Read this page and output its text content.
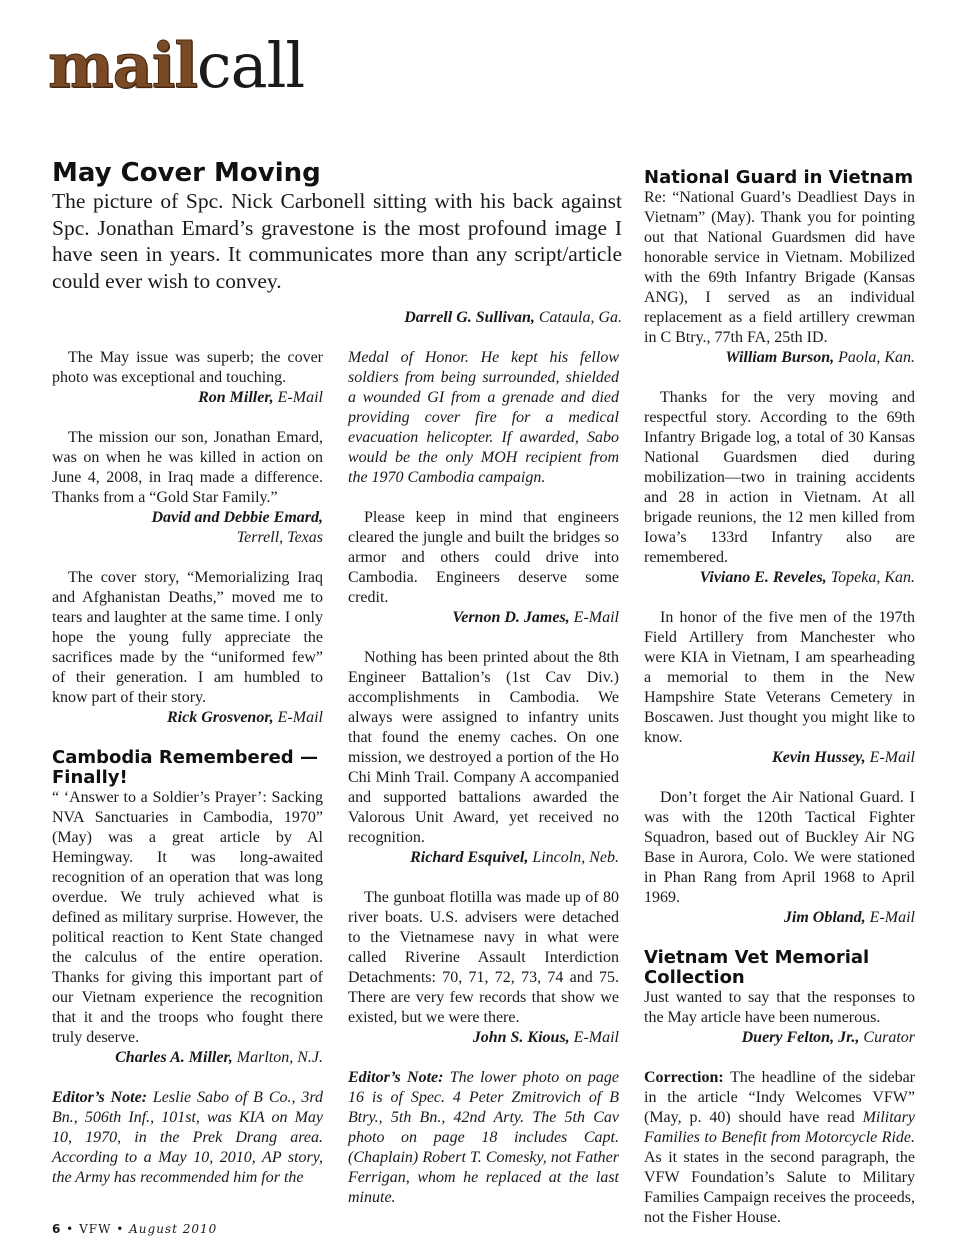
mailcall
May Cover Moving
The picture of Spc. Nick Carbonell sitting with his back against Spc. Jonathan Emard’s gravestone is the most profound image I have seen in years. It communicates more than any script/article could ever wish to convey.
Darrell G. Sullivan, Cataula, Ga.

The May issue was superb; the cover photo was exceptional and touching.

Ron Miller, E-Mail

The mission our son, Jonathan Emard, was on when he was killed in action on June 4, 2008, in Iraq made a difference. Thanks from a “Gold Star Family.”

David and Debbie Emard,
Terrell, Texas

The cover story, “Memorializing Iraq and Afghanistan Deaths,” moved me to tears and laughter at the same time. I only hope the young fully appreciate the sacrifices made by the “uniformed few” of their generation. I am humbled to know part of their story.

Rick Grosvenor, E-Mail
Cambodia Remembered —Finally!

“ ‘Answer to a Soldier’s Prayer’: Sacking NVA Sanctuaries in Cambodia, 1970” (May) was a great article by Al Hemingway. It was long-awaited recognition of an operation that was long overdue. We truly achieved what is defined as military surprise. However, the political reaction to Kent State changed the calculus of the entire operation. Thanks for giving this important part of our Vietnam experience the recognition that it and the troops who fought there truly deserve.

Charles A. Miller, Marlton, N.J.

Editor’s Note: Leslie Sabo of B Co., 3rd Bn., 506th Inf., 101st, was KIA on May 10, 1970, in the Prek Drang area. According to a May 10, 2010, AP story, the Army has recommended him for the

Medal of Honor. He kept his fellow soldiers from being surrounded, shielded a wounded GI from a grenade and died providing cover fire for a medical evacuation helicopter. If awarded, Sabo would be the only MOH recipient from the 1970 Cambodia campaign.

Please keep in mind that engineers cleared the jungle and built the bridges so armor and others could drive into Cambodia. Engineers deserve some credit.

Vernon D. James, E-Mail

Nothing has been printed about the 8th Engineer Battalion’s (1st Cav Div.) accomplishments in Cambodia. We always were assigned to infantry units that found the enemy caches. On one mission, we destroyed a portion of the Ho Chi Minh Trail. Company A accompanied and supported battalions awarded the Valorous Unit Award, yet received no recognition.

Richard Esquivel, Lincoln, Neb.

The gunboat flotilla was made up of 80 river boats. U.S. advisers were detached to the Vietnamese navy in what were called Riverine Assault Interdiction Detachments: 70, 71, 72, 73, 74 and 75. There are very few records that show we existed, but we were there.

John S. Kious, E-Mail

Editor’s Note: The lower photo on page 16 is of Spec. 4 Peter Zmitrovich of B Btry., 5th Bn., 42nd Arty. The 5th Cav photo on page 18 includes Capt. (Chaplain) Robert T. Comesky, not Father Ferrigan, whom he replaced at the last minute.

National Guard in Vietnam

Re: “National Guard’s Deadliest Days in Vietnam” (May). Thank you for pointing out that National Guardsmen did have honorable service in Vietnam. Mobilized with the 69th Infantry Brigade (Kansas ANG), I served as an individual replacement as a field artillery crewman in C Btry., 77th FA, 25th ID.

William Burson, Paola, Kan.

Thanks for the very moving and respectful story. According to the 69th Infantry Brigade log, a total of 30 Kansas National Guardsmen died during mobilization—two in training accidents and 28 in action in Vietnam. At all brigade reunions, the 12 men killed from Iowa’s 133rd Infantry also are remembered.

Viviano E. Reveles, Topeka, Kan.

In honor of the five men of the 197th Field Artillery from Manchester who were KIA in Vietnam, I am spearheading a memorial to them in the New Hampshire State Veterans Cemetery in Boscawen. Just thought you might like to know.

Kevin Hussey, E-Mail

Don’t forget the Air National Guard. I was with the 120th Tactical Fighter Squadron, based out of Buckley Air NG Base in Aurora, Colo. We were stationed in Phan Rang from April 1968 to April 1969.

Jim Obland, E-Mail
Vietnam Vet Memorial Collection

Just wanted to say that the responses to the May article have been numerous.

Duery Felton, Jr., Curator

Correction: The headline of the sidebar in the article “Indy Welcomes VFW” (May, p. 40) should have read Military Families to Benefit from Motorcycle Ride. As it states in the second paragraph, the VFW Foundation’s Salute to Military Families Campaign receives the proceeds, not the Fisher House.

6 • VFW • August 2010
